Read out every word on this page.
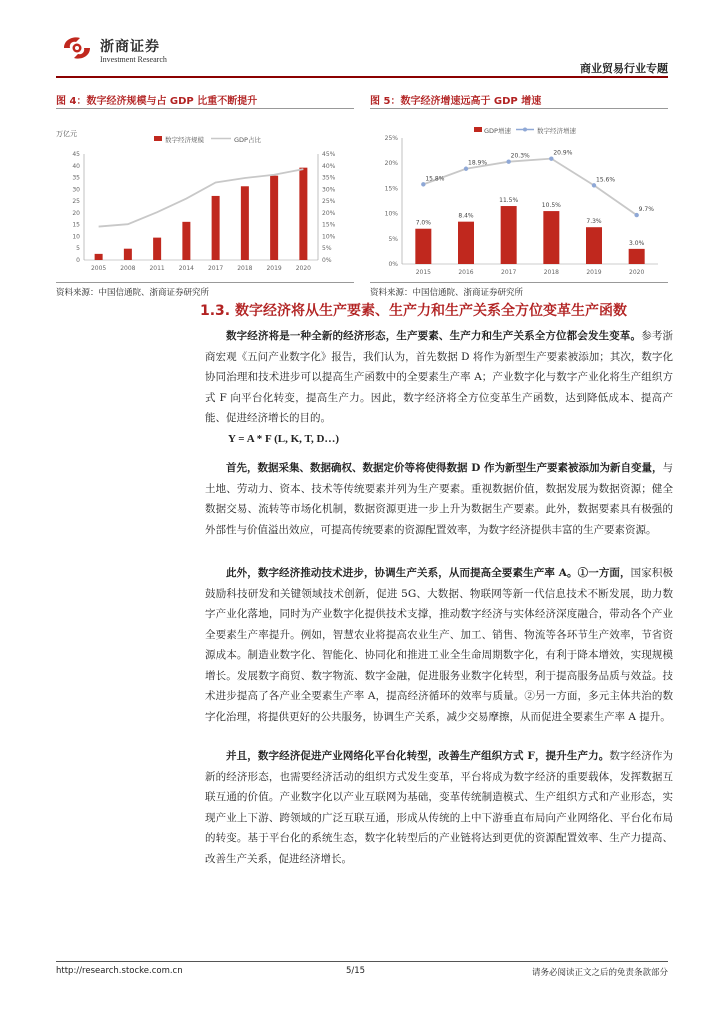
浙商证券
Investment Research
商业贸易行业专题
图 4：数字经济规模与占 GDP 比重不断提升
万亿元
数字经济规模	GDP占比
0
5
10
15
20
25
30
35
40
45
0%
5%
10%
15%
20%
25%
30%
35%
40%
45%
2005 2008 2011 2014 2017 2018 2019 2020
资料来源：中国信通院、浙商证券研究所
图 5：数字经济增速远高于 GDP 增速
GDP增速	数字经济增速
0%
5%
10%
15%
20%
25%
7.0%
8.4%
11.5%
10.5%
7.3%
3.0%
15.8%
18.9%
20.3%	20.9%
15.6%
9.7%
2015	2016	2017	2018	2019	2020
资料来源：中国信通院、浙商证券研究所
1.3. 数字经济将从生产要素、生产力和生产关系全方位变革生产函数
数字经济将是一种全新的经济形态，生产要素、生产力和生产关系全方位都会发生变革。参考浙商宏观《五问产业数字化》报告，我们认为，首先数据 D 将作为新型生产要素被添加；其次，数字化协同治理和技术进步可以提高生产函数中的全要素生产率 A；产业数字化与数字产业化将生产组织方式 F 向平台化转变，提高生产力。因此，数字经济将全方位变革生产函数，达到降低成本、提高产能、促进经济增长的目的。
Y = A * F (L, K, T, D…)
首先，数据采集、数据确权、数据定价等将使得数据 D 作为新型生产要素被添加为新自变量，与土地、劳动力、资本、技术等传统要素并列为生产要素。重视数据价值，数据发展为数据资源；健全数据交易、流转等市场化机制，数据资源更进一步上升为数据生产要素。此外，数据要素具有极强的外部性与价值溢出效应，可提高传统要素的资源配置效率，为数字经济提供丰富的生产要素资源。
此外，数字经济推动技术进步，协调生产关系，从而提高全要素生产率 A。①一方面，国家积极鼓励科技研发和关键领域技术创新，促进 5G、大数据、物联网等新一代信息技术不断发展，助力数字产业化落地，同时为产业数字化提供技术支撑，推动数字经济与实体经济深度融合，带动各个产业全要素生产率提升。例如，智慧农业将提高农业生产、加工、销售、物流等各环节生产效率，节省资源成本。制造业数字化、智能化、协同化和推进工业全生命周期数字化，有利于降本增效，实现规模增长。发展数字商贸、数字物流、数字金融，促进服务业数字化转型，利于提高服务品质与效益。技术进步提高了各产业全要素生产率 A，提高经济循环的效率与质量。②另一方面，多元主体共治的数字化治理，将提供更好的公共服务，协调生产关系，减少交易摩擦，从而促进全要素生产率 A 提升。
并且，数字经济促进产业网络化平台化转型，改善生产组织方式 F，提升生产力。数字经济作为新的经济形态，也需要经济活动的组织方式发生变革，平台将成为数字经济的重要载体，发挥数据互联互通的价值。产业数字化以产业互联网为基础，变革传统制造模式、生产组织方式和产业形态，实现产业上下游、跨领域的广泛互联互通，形成从传统的上中下游垂直布局向产业网络化、平台化布局的转变。基于平台化的系统生态，数字化转型后的产业链将达到更优的资源配置效率、生产力提高、改善生产关系，促进经济增长。
http://research.stocke.com.cn	5/15	请务必阅读正文之后的免责条款部分
